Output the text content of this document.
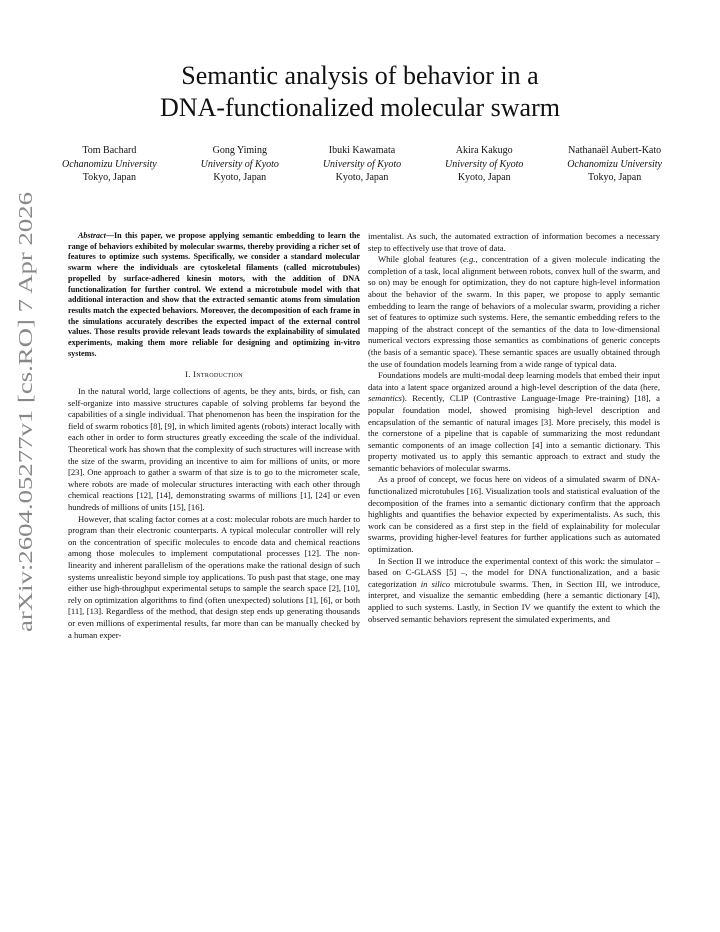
arXiv:2604.05277v1 [cs.RO] 7 Apr 2026
Semantic analysis of behavior in a
DNA-functionalized molecular swarm
Tom Bachard
Ochanomizu University
Tokyo, Japan
Gong Yiming
University of Kyoto
Kyoto, Japan
Ibuki Kawamata
University of Kyoto
Kyoto, Japan
Akira Kakugo
University of Kyoto
Kyoto, Japan
Nathanaël Aubert-Kato
Ochanomizu University
Tokyo, Japan

Abstract—In this paper, we propose applying semantic embedding to learn the range of behaviors exhibited by molecular swarms, thereby providing a richer set of features to optimize such systems. Specifically, we consider a standard molecular swarm where the individuals are cytoskeletal filaments (called microtubules) propelled by surface-adhered kinesin motors, with the addition of DNA functionalization for further control. We extend a microtubule model with that additional interaction and show that the extracted semantic atoms from simulation results match the expected behaviors. Moreover, the decomposition of each frame in the simulations accurately describes the expected impact of the external control values. Those results provide relevant leads towards the explainability of simulated experiments, making them more reliable for designing and optimizing in-vitro systems.

I. Introduction

In the natural world, large collections of agents, be they ants, birds, or fish, can self-organize into massive structures capable of solving problems far beyond the capabilities of a single individual. That phenomenon has been the inspiration for the field of swarm robotics [8], [9], in which limited agents (robots) interact locally with each other in order to form structures greatly exceeding the scale of the individual. Theoretical work has shown that the complexity of such structures will increase with the size of the swarm, providing an incentive to aim for millions of units, or more [23]. One approach to gather a swarm of that size is to go to the micrometer scale, where robots are made of molecular structures interacting with each other through chemical reactions [12], [14], demonstrating swarms of millions [1], [24] or even hundreds of millions of units [15], [16].

However, that scaling factor comes at a cost: molecular robots are much harder to program than their electronic counterparts. A typical molecular controller will rely on the concentration of specific molecules to encode data and chemical reactions among those molecules to implement computational processes [12]. The non-linearity and inherent parallelism of the operations make the rational design of such systems unrealistic beyond simple toy applications. To push past that stage, one may either use high-throughput experimental setups to sample the search space [2], [10], rely on optimization algorithms to find (often unexpected) solutions [1], [6], or both [11], [13]. Regardless of the method, that design step ends up generating thousands or even millions of experimental results, far more than can be manually checked by a human exper-

imentalist. As such, the automated extraction of information becomes a necessary step to effectively use that trove of data.

While global features (e.g., concentration of a given molecule indicating the completion of a task, local alignment between robots, convex hull of the swarm, and so on) may be enough for optimization, they do not capture high-level information about the behavior of the swarm. In this paper, we propose to apply semantic embedding to learn the range of behaviors of a molecular swarm, providing a richer set of features to optimize such systems. Here, the semantic embedding refers to the mapping of the abstract concept of the semantics of the data to low-dimensional numerical vectors expressing those semantics as combinations of generic concepts (the basis of a semantic space). These semantic spaces are usually obtained through the use of foundation models learning from a wide range of typical data.

Foundations models are multi-modal deep learning models that embed their input data into a latent space organized around a high-level description of the data (here, semantics). Recently, CLIP (Contrastive Language-Image Pre-training) [18], a popular foundation model, showed promising high-level description and encapsulation of the semantic of natural images [3]. More precisely, this model is the cornerstone of a pipeline that is capable of summarizing the most redundant semantic components of an image collection [4] into a semantic dictionary. This property motivated us to apply this semantic approach to extract and study the semantic behaviors of molecular swarms.

As a proof of concept, we focus here on videos of a simulated swarm of DNA-functionalized microtubules [16]. Visualization tools and statistical evaluation of the decomposition of the frames into a semantic dictionary confirm that the approach highlights and quantifies the behavior expected by experimentalists. As such, this work can be considered as a first step in the field of explainability for molecular swarms, providing higher-level features for further applications such as automated optimization.

In Section II we introduce the experimental context of this work: the simulator – based on C-GLASS [5] –, the model for DNA functionalization, and a basic categorization in silico microtubule swarms. Then, in Section III, we introduce, interpret, and visualize the semantic embedding (here a semantic dictionary [4]), applied to such systems. Lastly, in Section IV we quantify the extent to which the observed semantic behaviors represent the simulated experiments, and
